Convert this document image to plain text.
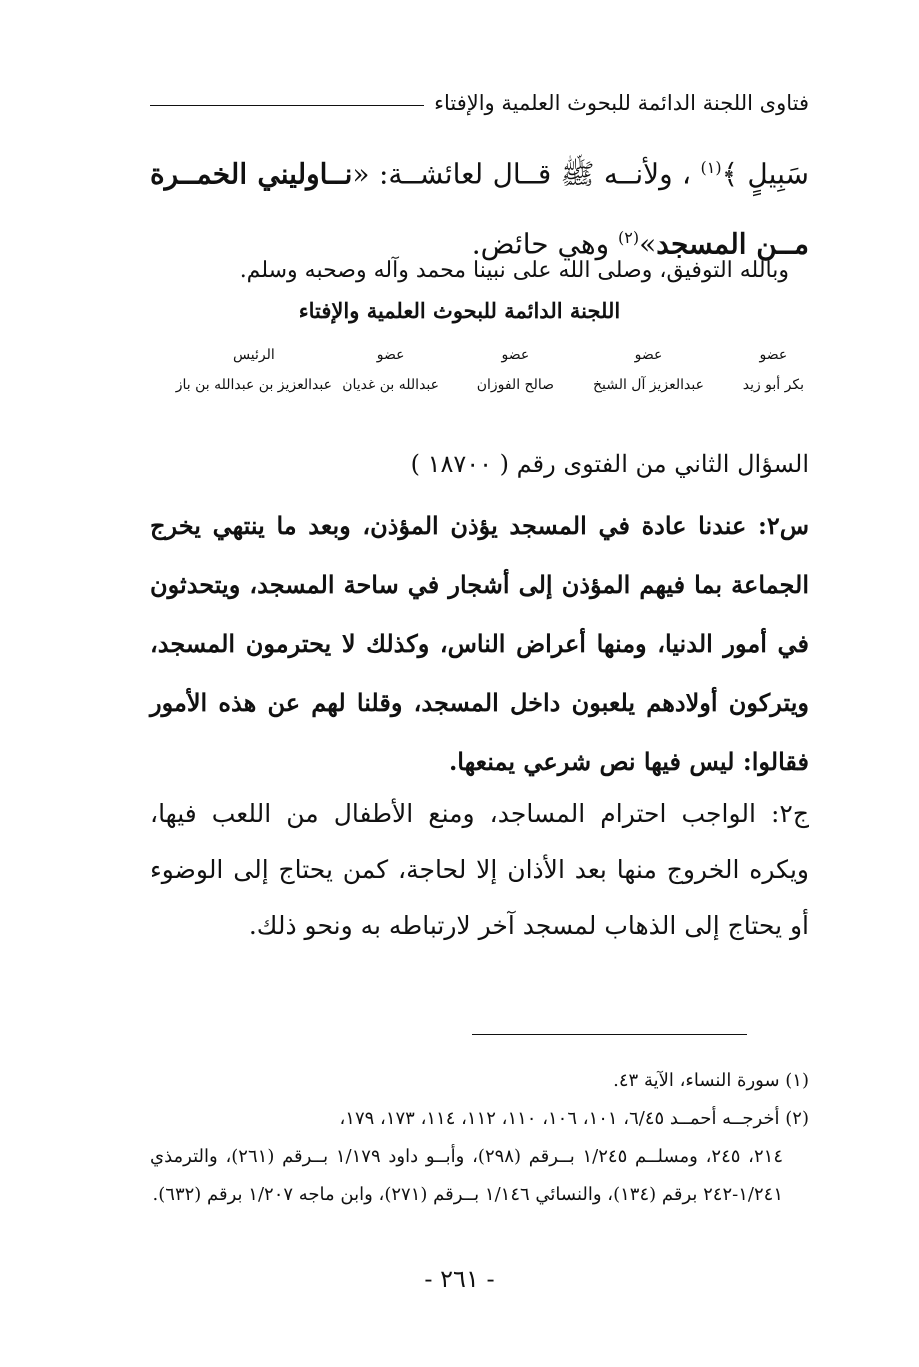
فتاوى اللجنة الدائمة للبحوث العلمية والإفتاء
سَبِيلٍ ﴾$^{(١)}$ ، ولأنــه ﷺ قــال لعائشــة: «نــاوليني الخمــرة مــن المسجد»$^{(٢)}$ وهي حائض.
وبالله التوفيق، وصلى الله على نبينا محمد وآله وصحبه وسلم.
اللجنة الدائمة للبحوث العلمية والإفتاء
عضو
بكر أبو زيد
عضو
عبدالعزيز آل الشيخ
عضو
صالح الفوزان
عضو
عبدالله بن غديان
الرئيس
عبدالعزيز بن عبدالله بن باز
السؤال الثاني من الفتوى رقم ( ١٨٧٠٠ )
س٢: عندنا عادة في المسجد يؤذن المؤذن، وبعد ما ينتهي يخرج الجماعة بما فيهم المؤذن إلى أشجار في ساحة المسجد، ويتحدثون في أمور الدنيا، ومنها أعراض الناس، وكذلك لا يحترمون المسجد، ويتركون أولادهم يلعبون داخل المسجد، وقلنا لهم عن هذه الأمور فقالوا: ليس فيها نص شرعي يمنعها.
ج٢: الواجب احترام المساجد، ومنع الأطفال من اللعب فيها، ويكره الخروج منها بعد الأذان إلا لحاجة، كمن يحتاج إلى الوضوء أو يحتاج إلى الذهاب لمسجد آخر لارتباطه به ونحو ذلك.

(١) سورة النساء، الآية ٤٣.

(٢) أخرجــه أحمــد ٦/٤٥، ١٠١، ١٠٦، ١١٠، ١١٢، ١١٤، ١٧٣، ١٧٩،

٢١٤، ٢٤٥، ومسلــم ١/٢٤٥ بــرقم (٢٩٨)، وأبــو داود ١/١٧٩ بــرقم (٢٦١)، والترمذي ١/٢٤١-٢٤٢ برقم (١٣٤)، والنسائي ١/١٤٦ بــرقم (٢٧١)، وابن ماجه ١/٢٠٧ برقم (٦٣٢).

- ٢٦١ -
